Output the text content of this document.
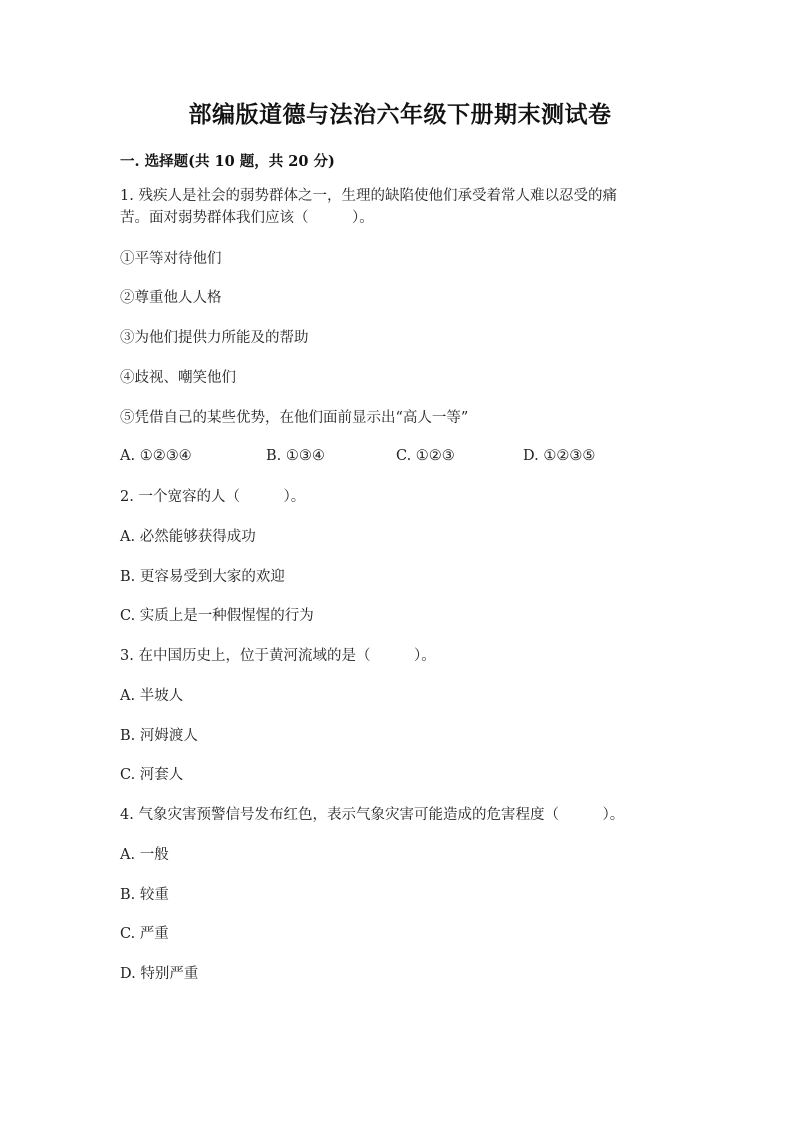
部编版道德与法治六年级下册期末测试卷
一. 选择题(共 10 题，共 20 分)
1. 残疾人是社会的弱势群体之一，生理的缺陷使他们承受着常人难以忍受的痛
苦。面对弱势群体我们应该（　　　）。
①平等对待他们
②尊重他人人格
③为他们提供力所能及的帮助
④歧视、嘲笑他们
⑤凭借自己的某些优势，在他们面前显示出“高人一等”
A. ①②③④	B. ①③④	C. ①②③	D. ①②③⑤
2. 一个宽容的人（　　　）。
A. 必然能够获得成功
B. 更容易受到大家的欢迎
C. 实质上是一种假惺惺的行为
3. 在中国历史上，位于黄河流域的是（　　　）。
A. 半坡人
B. 河姆渡人
C. 河套人
4. 气象灾害预警信号发布红色，表示气象灾害可能造成的危害程度（　　　）。
A. 一般
B. 较重
C. 严重
D. 特别严重
